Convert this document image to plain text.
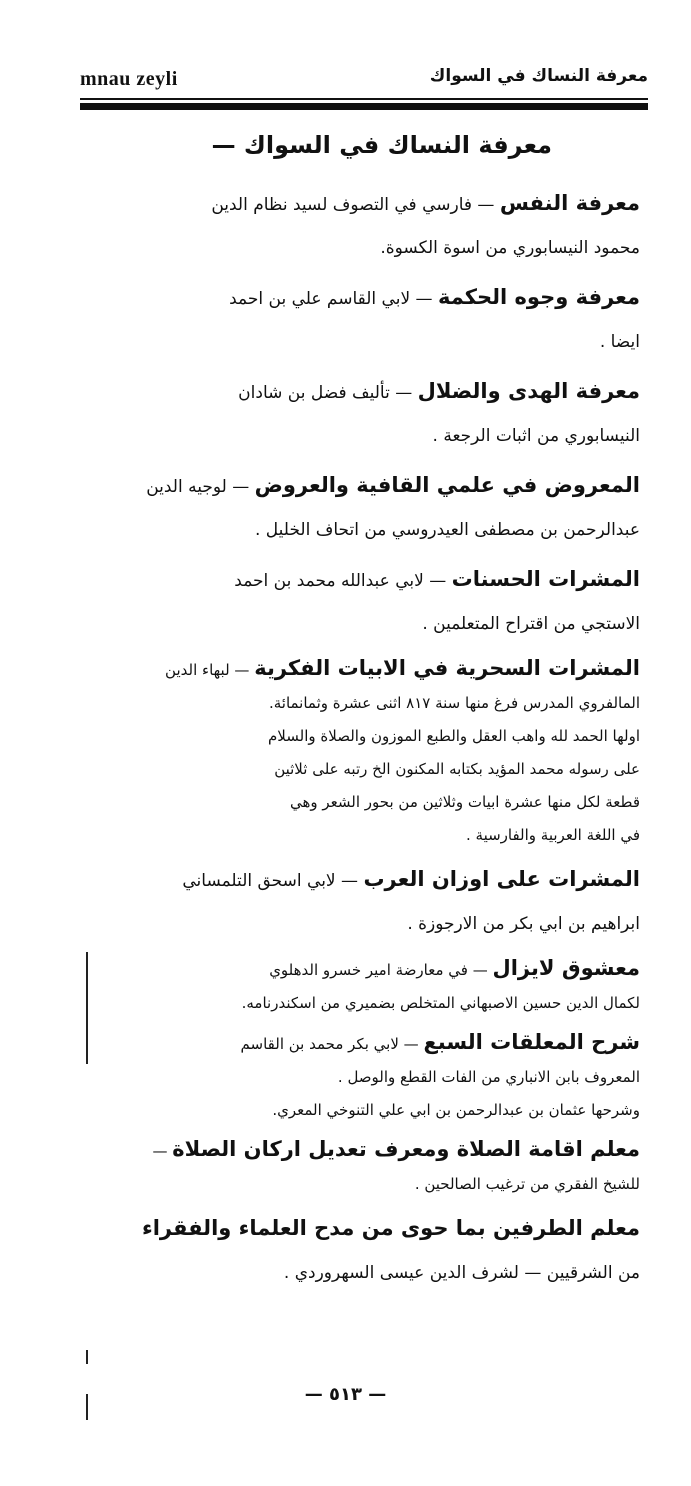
mnau zeyli	معرفة النساك في السواك
معرفة النساك في السواك —
معرفة النفس — فارسي في التصوف لسيد نظام الدين
محمود النيسابوري من اسوة الكسوة.
معرفة وجوه الحكمة — لابي القاسم علي بن احمد
ايضا .
معرفة الهدى والضلال — تأليف فضل بن شادان
النيسابوري من اثبات الرجعة .
المعروض في علمي القافية والعروض — لوجيه الدين
عبدالرحمن بن مصطفى العيدروسي من اتحاف الخليل .
المشرات الحسنات — لابي عبدالله محمد بن احمد
الاستجي من اقتراح المتعلمين .
المشرات السحرية في الابيات الفكرية — لبهاء الدين
المالفروي المدرس فرغ منها سنة ٨١٧ اثنى عشرة وثمانمائة.
اولها الحمد لله واهب العقل والطبع الموزون والصلاة والسلام
على رسوله محمد المؤيد بكتابه المكنون الخ رتبه على ثلاثين
قطعة لكل منها عشرة ابيات وثلاثين من بحور الشعر وهي
في اللغة العربية والفارسية .
المشرات على اوزان العرب — لابي اسحق التلمساني
ابراهيم بن ابي بكر من الارجوزة .
معشوق لايزال — في معارضة امير خسرو الدهلوي
لكمال الدين حسين الاصبهاني المتخلص بضميري من اسكندرنامه.
شرح المعلقات السبع — لابي بكر محمد بن القاسم
المعروف بابن الانباري من الفات القطع والوصل .
وشرحها عثمان بن عبدالرحمن بن ابي علي التنوخي المعري.
معلم اقامة الصلاة ومعرف تعديل اركان الصلاة —
للشيخ الفقري من ترغيب الصالحين .
معلم الطرفين بما حوى من مدح العلماء والفقراء
من الشرقيين — لشرف الدين عيسى السهروردي .
— ٥١٣ —
